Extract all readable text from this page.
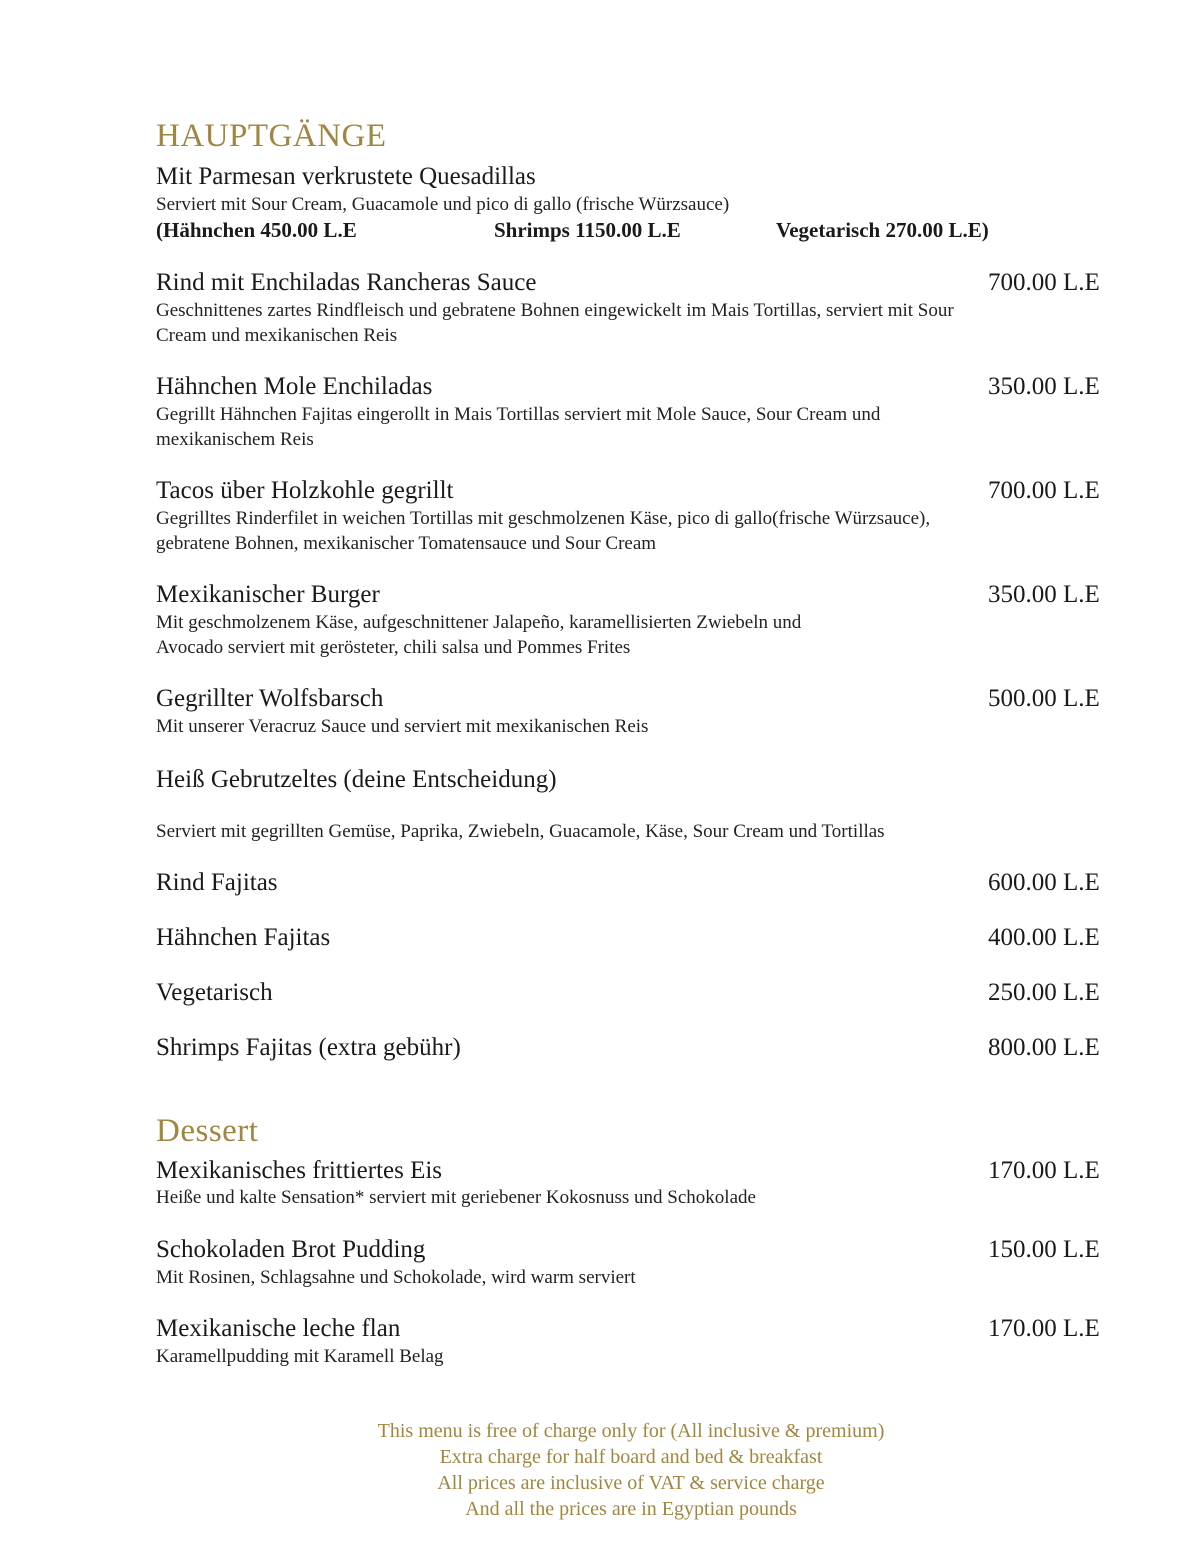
HAUPTGÄNGE
Mit Parmesan verkrustete Quesadillas
Serviert mit Sour Cream, Guacamole und pico di gallo (frische Würzsauce)
(Hähnchen 450.00 L.E	Shrimps 1150.00 L.E	Vegetarisch 270.00 L.E)
Rind mit Enchiladas Rancheras Sauce	700.00 L.E
Geschnittenes zartes Rindfleisch und gebratene Bohnen eingewickelt im Mais Tortillas, serviert mit Sour
Cream und mexikanischen Reis
Hähnchen Mole Enchiladas	350.00 L.E
Gegrillt Hähnchen Fajitas eingerollt in Mais Tortillas serviert mit Mole Sauce, Sour Cream und
mexikanischem Reis
Tacos über Holzkohle gegrillt	700.00 L.E
Gegrilltes Rinderfilet in weichen Tortillas mit geschmolzenen Käse, pico di gallo(frische Würzsauce),
gebratene Bohnen, mexikanischer Tomatensauce und Sour Cream
Mexikanischer Burger	350.00 L.E
Mit geschmolzenem Käse, aufgeschnittener Jalapeño, karamellisierten Zwiebeln und
Avocado serviert mit gerösteter, chili salsa und Pommes Frites
Gegrillter Wolfsbarsch	500.00 L.E
Mit unserer Veracruz Sauce und serviert mit mexikanischen Reis
Heiß Gebrutzeltes (deine Entscheidung)
Serviert mit gegrillten Gemüse, Paprika, Zwiebeln, Guacamole, Käse, Sour Cream und Tortillas
Rind Fajitas	600.00 L.E
Hähnchen Fajitas	400.00 L.E
Vegetarisch	250.00 L.E
Shrimps Fajitas (extra gebühr)	800.00 L.E
Dessert
Mexikanisches frittiertes Eis	170.00 L.E
Heiße und kalte Sensation* serviert mit geriebener Kokosnuss und Schokolade
Schokoladen Brot Pudding	150.00 L.E
Mit Rosinen, Schlagsahne und Schokolade, wird warm serviert
Mexikanische leche flan	170.00 L.E
Karamellpudding mit Karamell Belag
This menu is free of charge only for (All inclusive & premium)
Extra charge for half board and bed & breakfast
All prices are inclusive of VAT & service charge
And all the prices are in Egyptian pounds
